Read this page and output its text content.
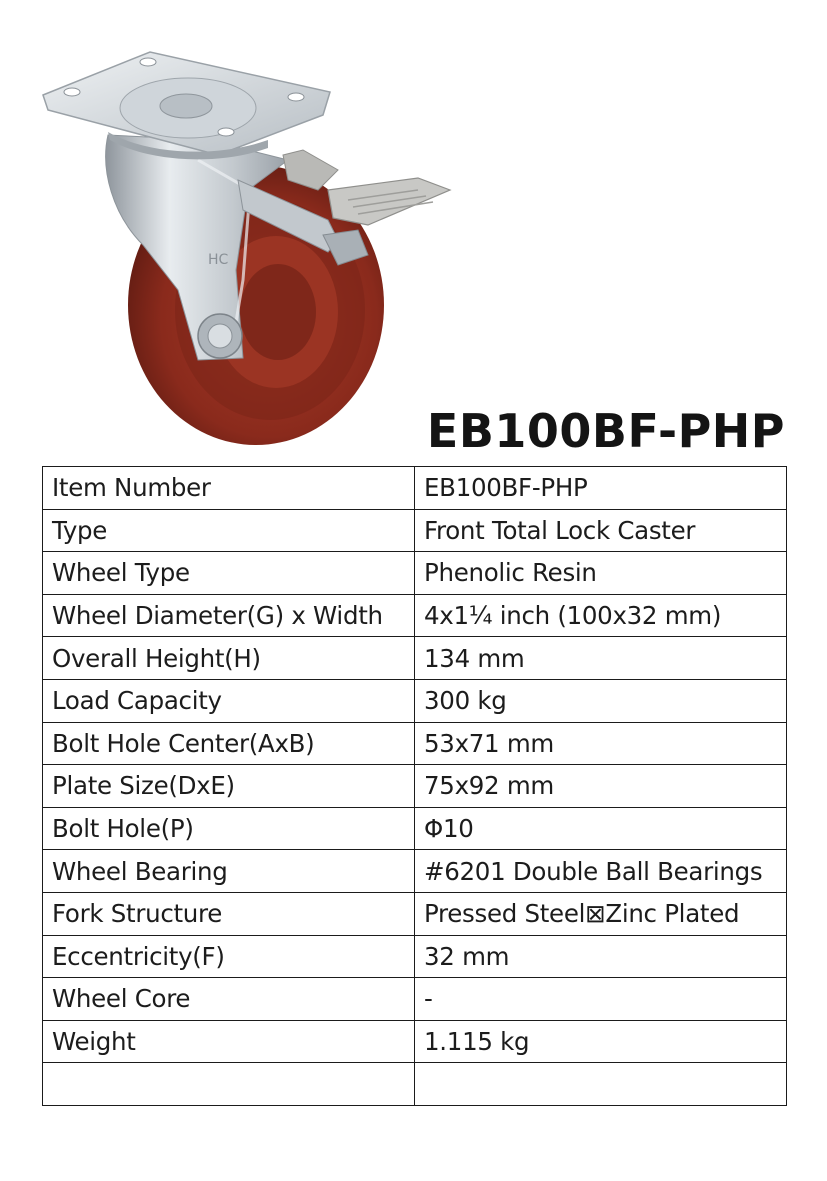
HC
EB100BF-PHP
Item Number	EB100BF-PHP
Type	Front Total Lock Caster
Wheel Type	Phenolic Resin
Wheel Diameter(G) x Width	4x1¼ inch (100x32 mm)
Overall Height(H)	134 mm
Load Capacity	300 kg
Bolt Hole Center(AxB)	53x71 mm
Plate Size(DxE)	75x92 mm
Bolt Hole(P)	Φ10
Wheel Bearing	#6201 Double Ball Bearings
Fork Structure	Pressed Steel⊠Zinc Plated
Eccentricity(F)	32 mm
Wheel Core	-
Weight	1.115 kg
